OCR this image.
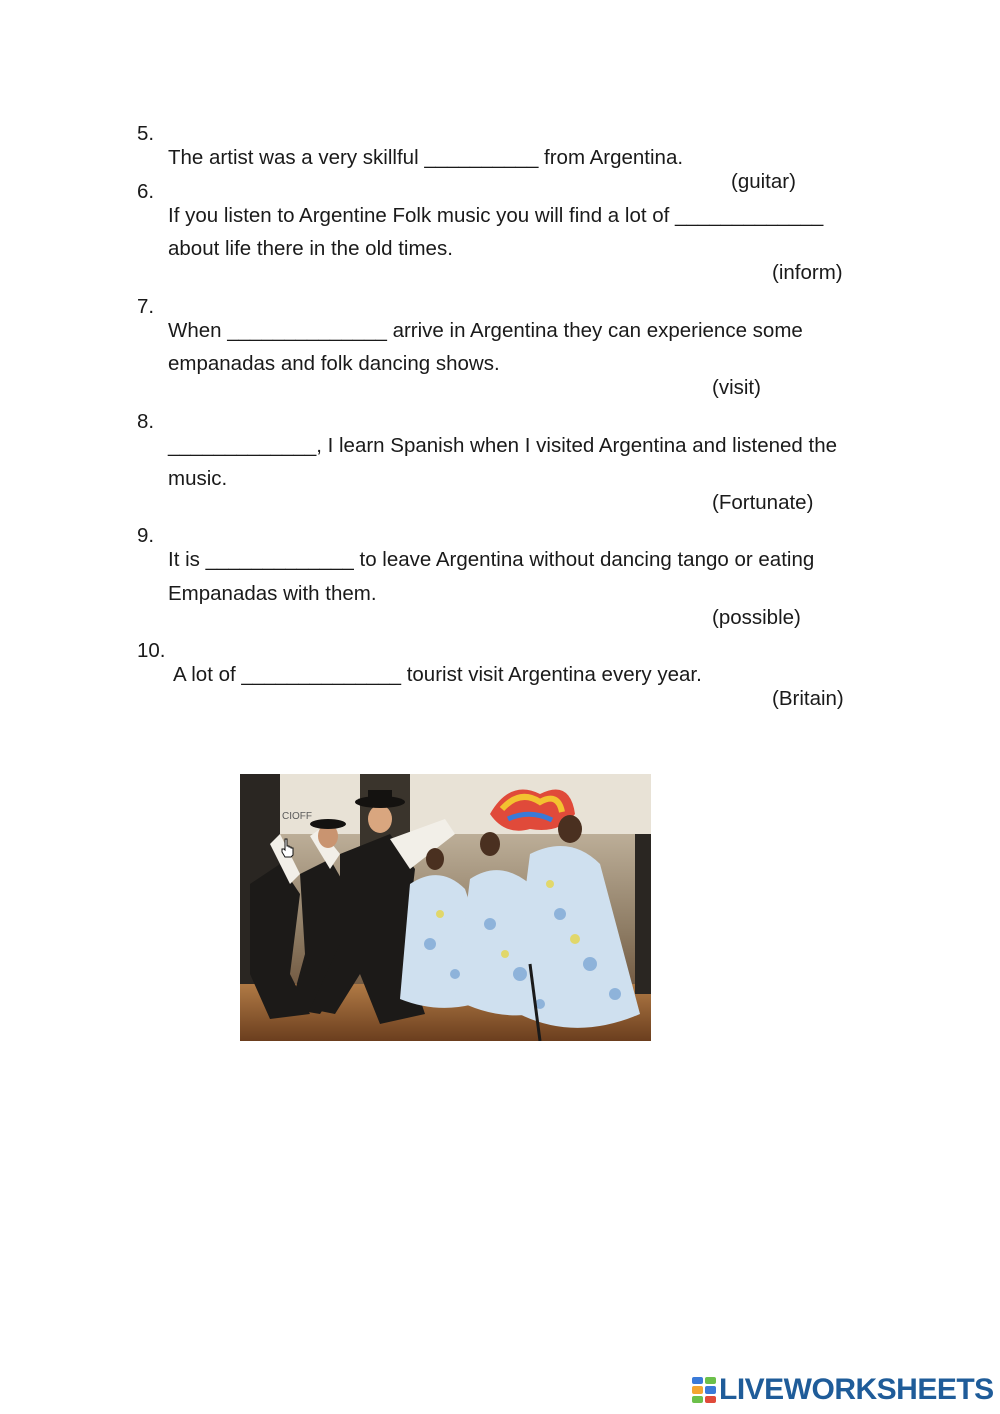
5.

The artist was a very skillful __________ from Argentina.

(guitar)

6.

If you listen to Argentine Folk music you will find a lot of _____________

about life there in the old times.

(inform)

7.

When ______________ arrive in Argentina they can experience some

empanadas and folk dancing shows.

(visit)

8.

_____________, I learn Spanish when I visited Argentina and listened the

music.

(Fortunate)

9.

It is _____________ to leave Argentina without dancing tango or eating

Empanadas with them.

(possible)

10.

A lot of ______________ tourist visit Argentina every year.

(Britain)

CIOFF
LIVEWORKSHEETS
